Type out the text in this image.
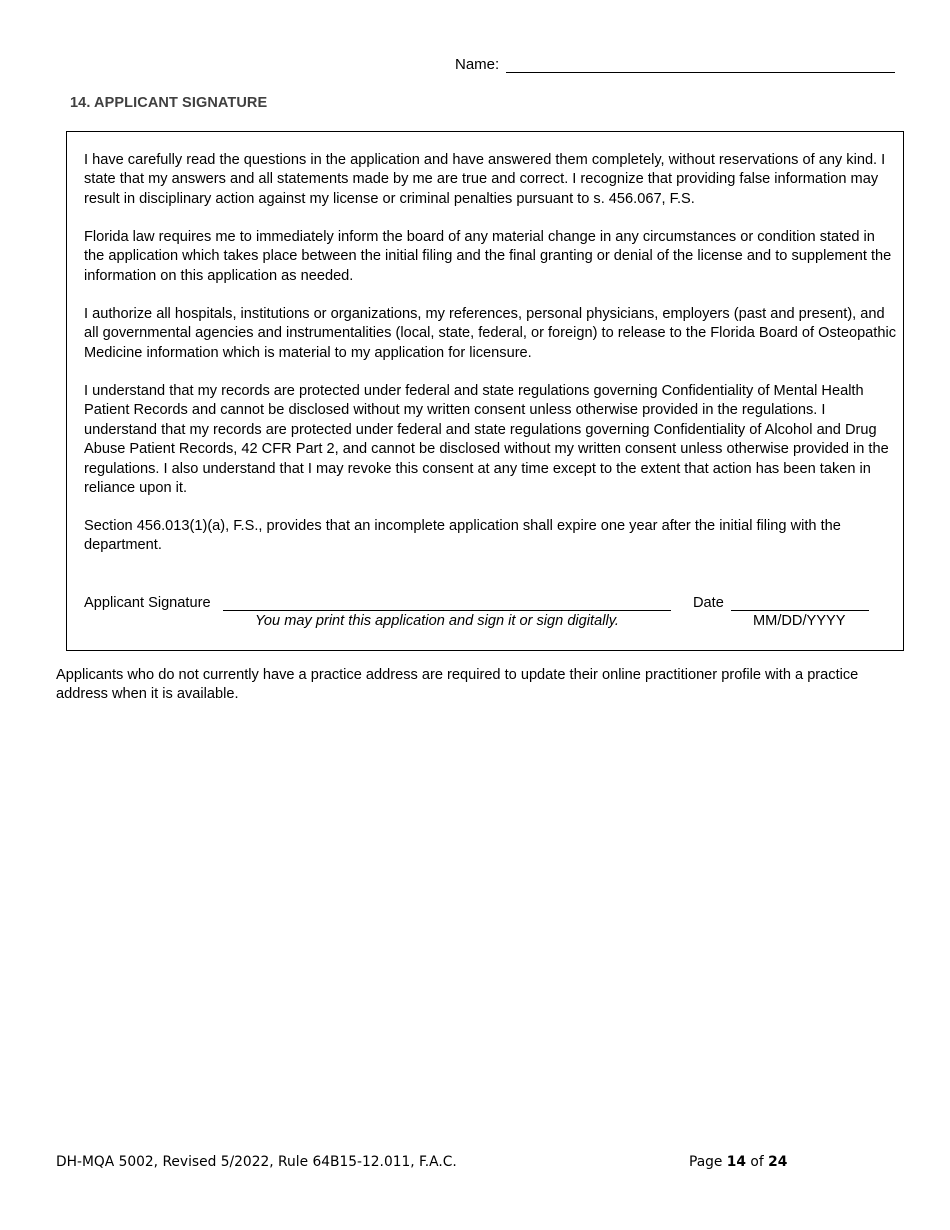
Name:
14. APPLICANT SIGNATURE

I have carefully read the questions in the application and have answered them completely, without reservations of any kind. I state that my answers and all statements made by me are true and correct. I recognize that providing false information may result in disciplinary action against my license or criminal penalties pursuant to s. 456.067, F.S.

Florida law requires me to immediately inform the board of any material change in any circumstances or condition stated in the application which takes place between the initial filing and the final granting or denial of the license and to supplement the information on this application as needed.

I authorize all hospitals, institutions or organizations, my references, personal physicians, employers (past and present), and all governmental agencies and instrumentalities (local, state, federal, or foreign) to release to the Florida Board of Osteopathic Medicine information which is material to my application for licensure.

I understand that my records are protected under federal and state regulations governing Confidentiality of Mental Health Patient Records and cannot be disclosed without my written consent unless otherwise provided in the regulations. I understand that my records are protected under federal and state regulations governing Confidentiality of Alcohol and Drug Abuse Patient Records, 42 CFR Part 2, and cannot be disclosed without my written consent unless otherwise provided in the regulations. I also understand that I may revoke this consent at any time except to the extent that action has been taken in reliance upon it.

Section 456.013(1)(a), F.S., provides that an incomplete application shall expire one year after the initial filing with the department.

Applicant Signature
You may print this application and sign it or sign digitally.
Date
MM/DD/YYYY

Applicants who do not currently have a practice address are required to update their online practitioner profile with a practice address when it is available.

DH-MQA 5002, Revised 5/2022, Rule 64B15-12.011, F.A.C.	Page 14 of 24
